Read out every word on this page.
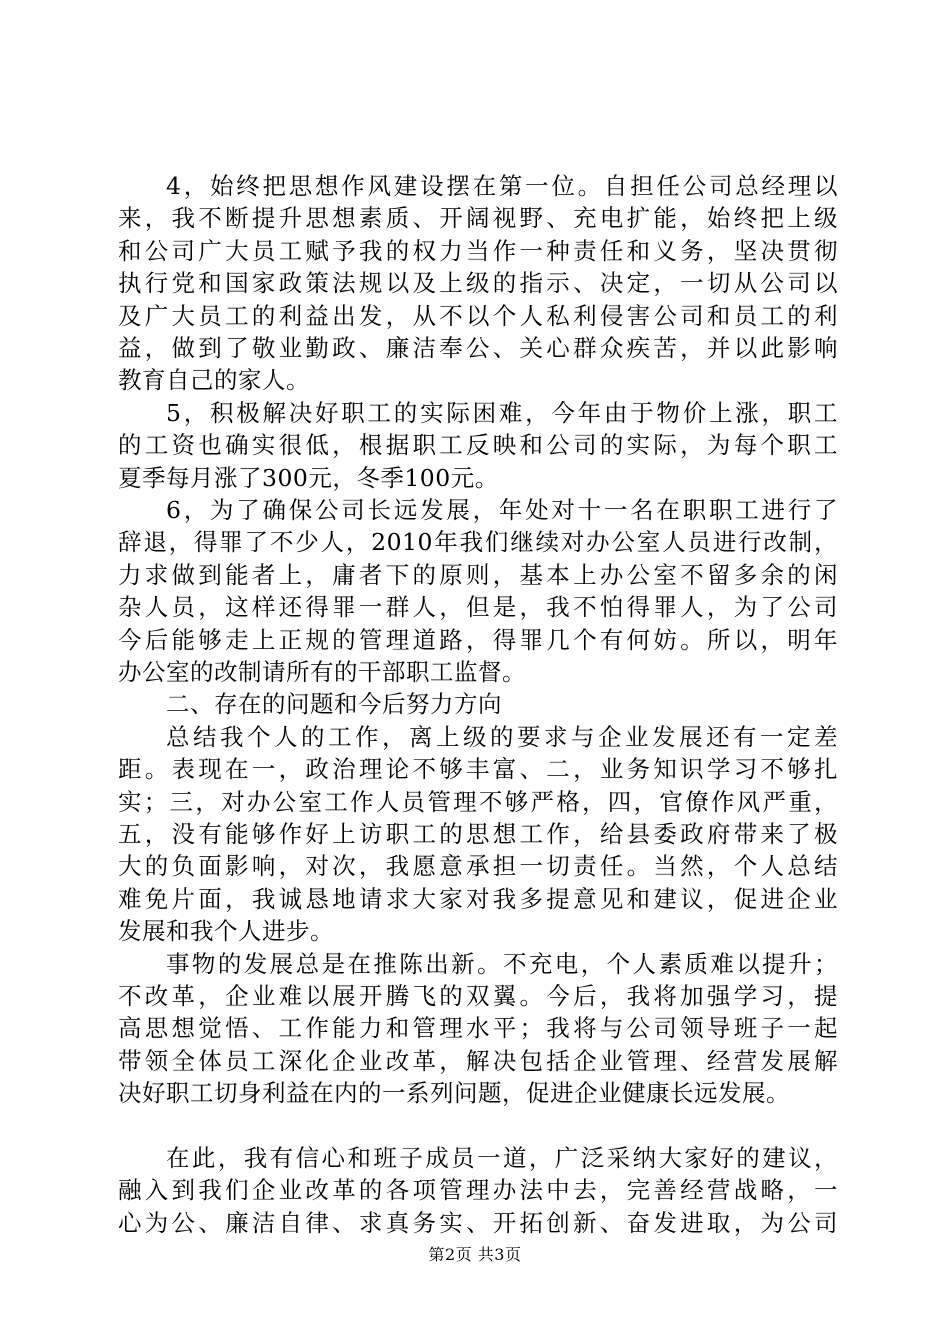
4，始终把思想作风建设摆在第一位。自担任公司总经理以
来，我不断提升思想素质、开阔视野、充电扩能，始终把上级
和公司广大员工赋予我的权力当作一种责任和义务，坚决贯彻
执行党和国家政策法规以及上级的指示、决定，一切从公司以
及广大员工的利益出发，从不以个人私利侵害公司和员工的利
益，做到了敬业勤政、廉洁奉公、关心群众疾苦，并以此影响
教育自己的家人。
5，积极解决好职工的实际困难，今年由于物价上涨，职工
的工资也确实很低，根据职工反映和公司的实际，为每个职工
夏季每月涨了300元，冬季100元。
6，为了确保公司长远发展，年处对十一名在职职工进行了
辞退，得罪了不少人，2010年我们继续对办公室人员进行改制，
力求做到能者上，庸者下的原则，基本上办公室不留多余的闲
杂人员，这样还得罪一群人，但是，我不怕得罪人，为了公司
今后能够走上正规的管理道路，得罪几个有何妨。所以，明年
办公室的改制请所有的干部职工监督。
二、存在的问题和今后努力方向
总结我个人的工作，离上级的要求与企业发展还有一定差
距。表现在一，政治理论不够丰富、二，业务知识学习不够扎
实；三，对办公室工作人员管理不够严格，四，官僚作风严重，
五，没有能够作好上访职工的思想工作，给县委政府带来了极
大的负面影响，对次，我愿意承担一切责任。当然，个人总结
难免片面，我诚恳地请求大家对我多提意见和建议，促进企业
发展和我个人进步。
事物的发展总是在推陈出新。不充电，个人素质难以提升；
不改革，企业难以展开腾飞的双翼。今后，我将加强学习，提
高思想觉悟、工作能力和管理水平；我将与公司领导班子一起
带领全体员工深化企业改革，解决包括企业管理、经营发展解
决好职工切身利益在内的一系列问题，促进企业健康长远发展。
在此，我有信心和班子成员一道，广泛采纳大家好的建议，
融入到我们企业改革的各项管理办法中去，完善经营战略，一
心为公、廉洁自律、求真务实、开拓创新、奋发进取，为公司
第2页 共3页
